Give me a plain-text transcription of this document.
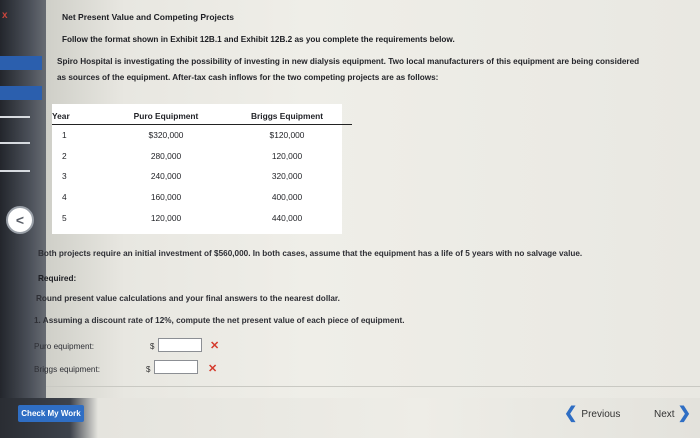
x
<
Net Present Value and Competing Projects
Follow the format shown in Exhibit 12B.1 and Exhibit 12B.2 as you complete the requirements below.
Spiro Hospital is investigating the possibility of investing in new dialysis equipment. Two local manufacturers of this equipment are being considered
as sources of the equipment. After-tax cash inflows for the two competing projects are as follows:
Year	Puro Equipment	Briggs Equipment
1	$320,000	$120,000
2	280,000	120,000
3	240,000	320,000
4	160,000	400,000
5	120,000	440,000
Both projects require an initial investment of $560,000. In both cases, assume that the equipment has a life of 5 years with no salvage value.
Required:
Round present value calculations and your final answers to the nearest dollar.
1. Assuming a discount rate of 12%, compute the net present value of each piece of equipment.
Puro equipment:	$	✕
Briggs equipment:	$	✕
Check My Work	❮ Previous	Next ❯
